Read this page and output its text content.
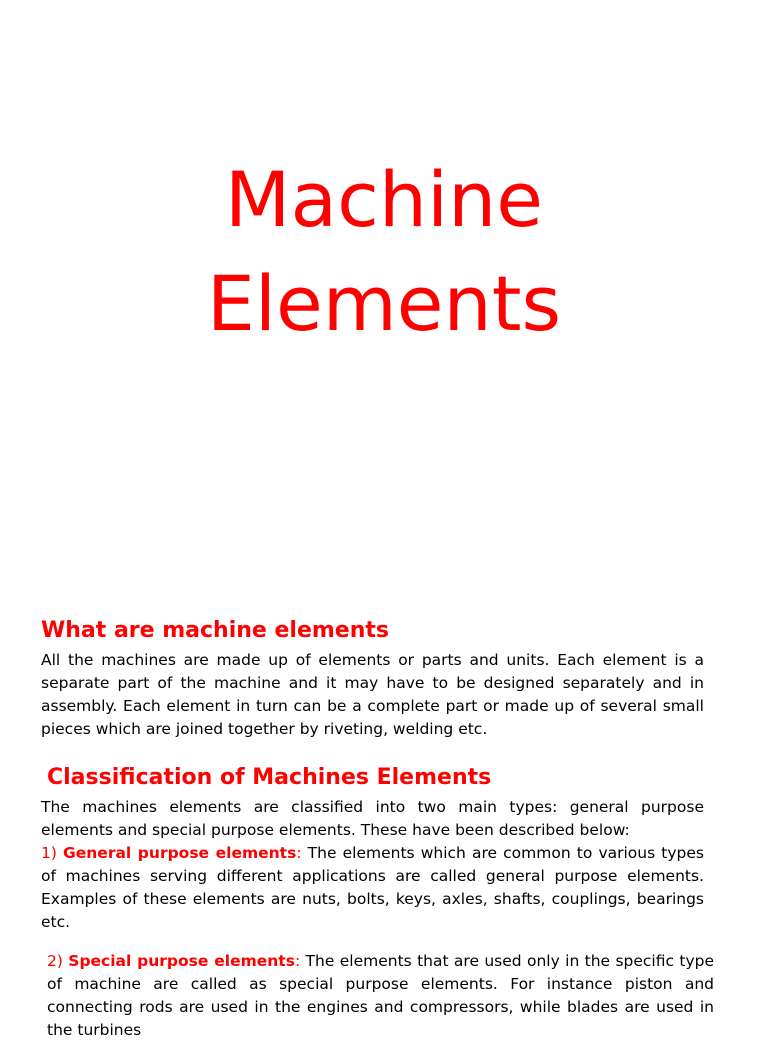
Machine
Elements
What are machine elements

All the machines are made up of elements or parts and units. Each element is a separate part of the machine and it may have to be designed separately and in assembly. Each element in turn can be a complete part or made up of several small pieces which are joined together by riveting, welding etc.

Classification of Machines Elements

The machines elements are classified into two main types: general purpose elements and special purpose elements. These have been described below:

1) General purpose elements: The elements which are common to various types of machines serving different applications are called general purpose elements. Examples of these elements are nuts, bolts, keys, axles, shafts, couplings, bearings etc.

2) Special purpose elements: The elements that are used only in the specific type of machine are called as special purpose elements. For instance piston and connecting rods are used in the engines and compressors, while blades are used in the turbines
